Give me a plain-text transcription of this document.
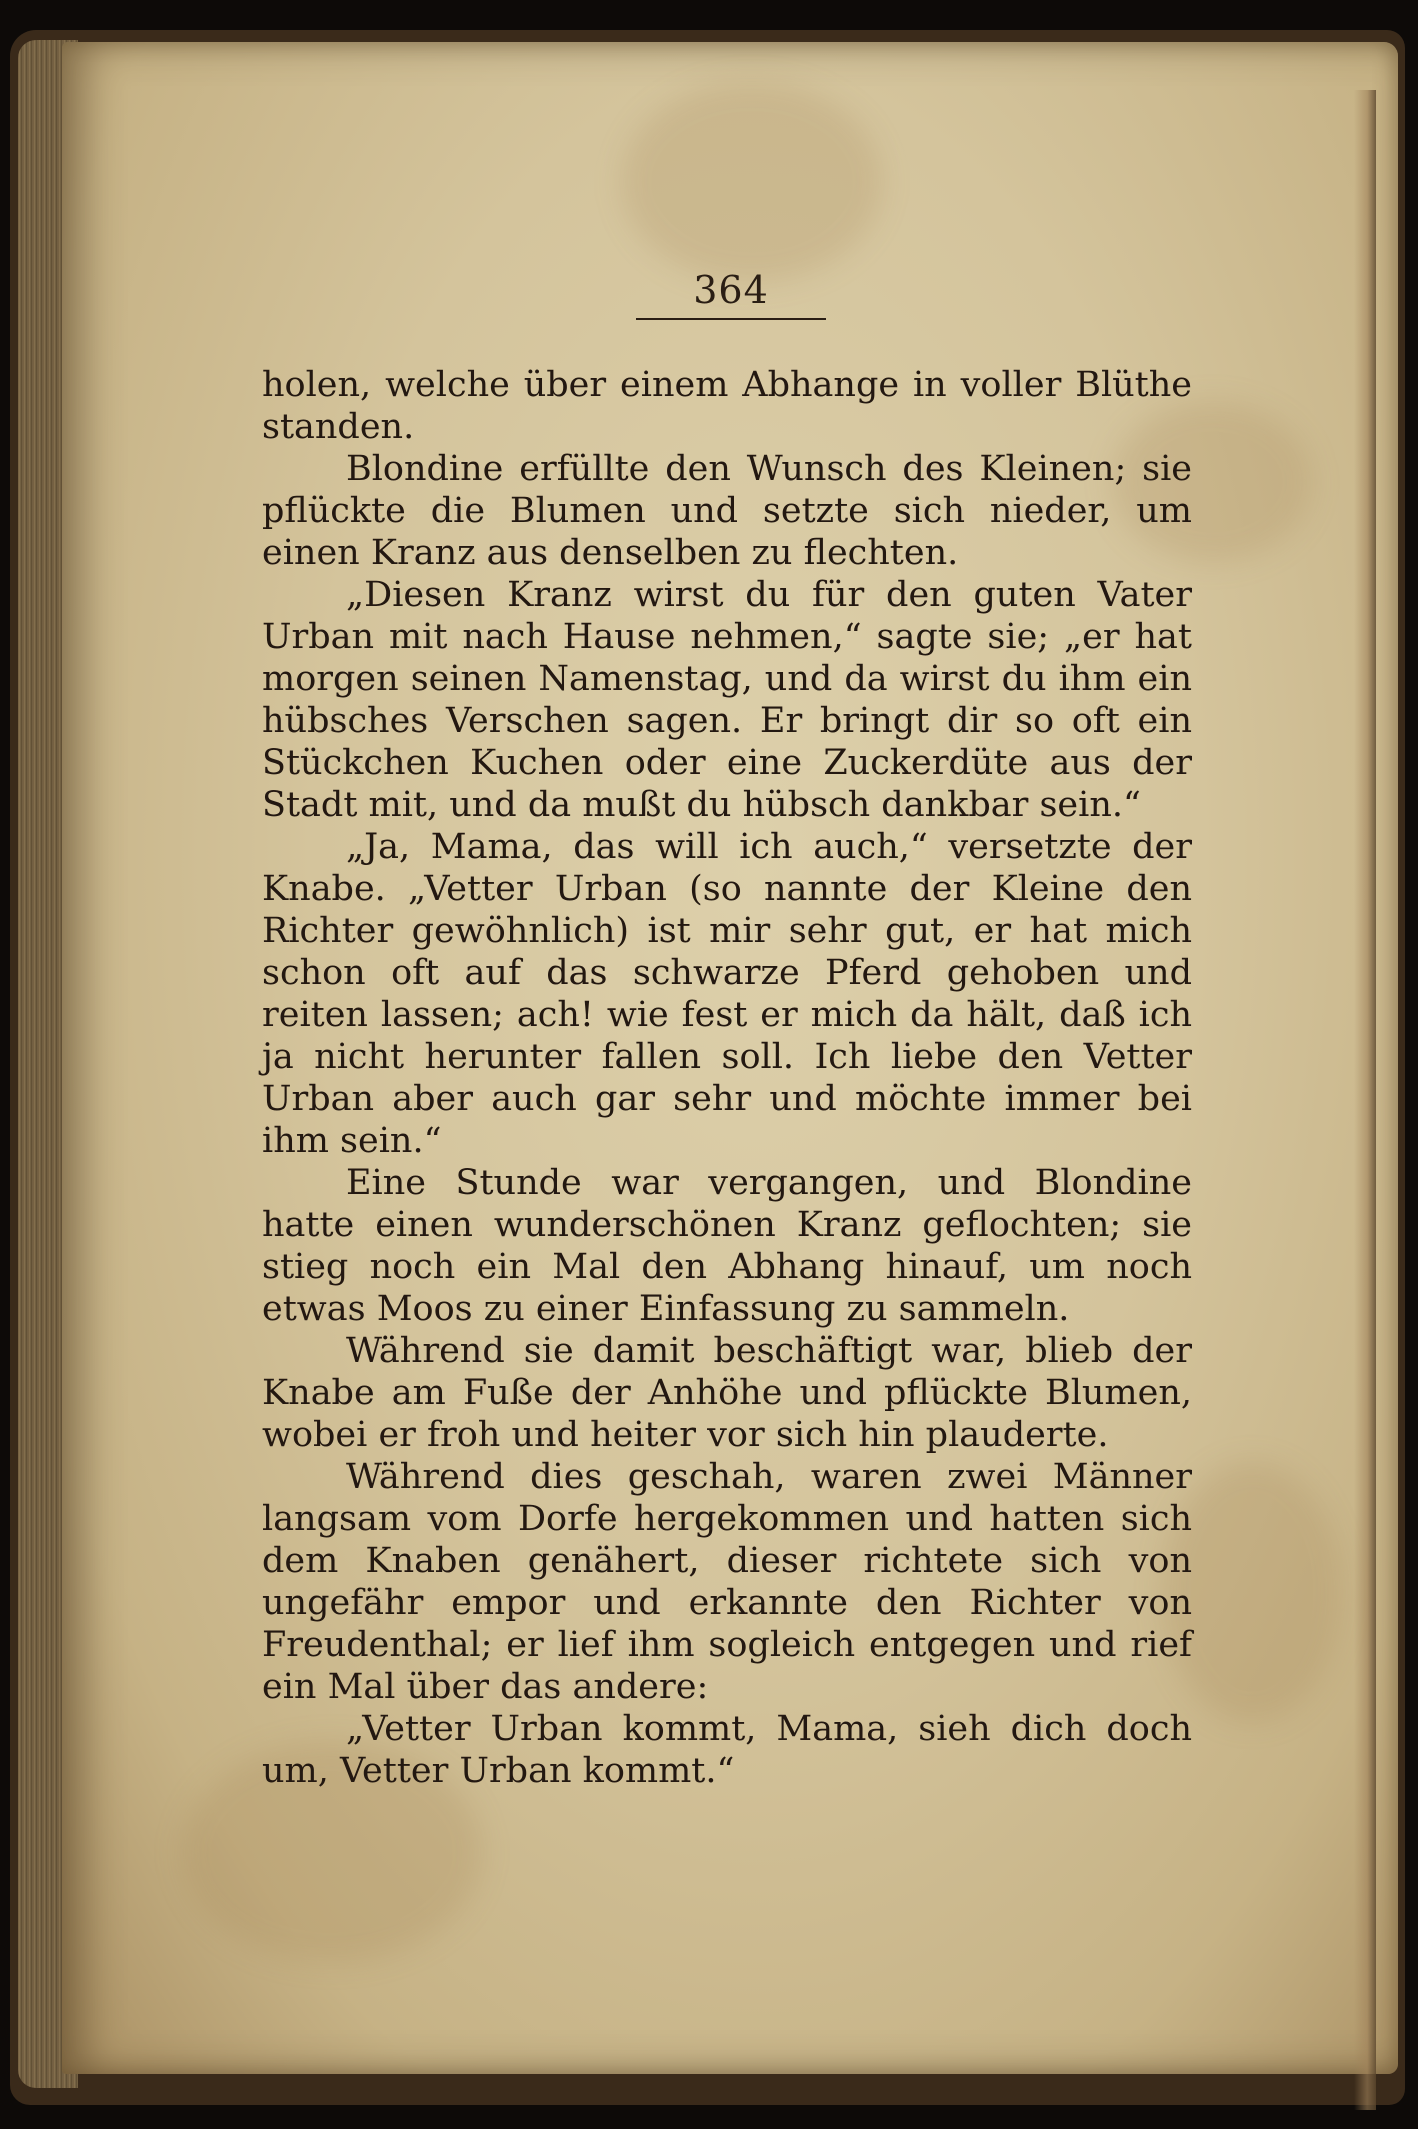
364

holen, welche über einem Abhange in voller Blüthe standen.

Blondine erfüllte den Wunsch des Kleinen; sie pflückte die Blumen und setzte sich nieder, um einen Kranz aus denselben zu flechten.

„Diesen Kranz wirst du für den guten Vater Urban mit nach Hause nehmen,“ sagte sie; „er hat morgen seinen Namenstag, und da wirst du ihm ein hübsches Verschen sagen. Er bringt dir so oft ein Stückchen Kuchen oder eine Zuckerdüte aus der Stadt mit, und da mußt du hübsch dankbar sein.“

„Ja, Mama, das will ich auch,“ versetzte der Knabe. „Vetter Urban (so nannte der Kleine den Richter gewöhnlich) ist mir sehr gut, er hat mich schon oft auf das schwarze Pferd gehoben und reiten lassen; ach! wie fest er mich da hält, daß ich ja nicht herunter fallen soll. Ich liebe den Vetter Urban aber auch gar sehr und möchte immer bei ihm sein.“

Eine Stunde war vergangen, und Blondine hatte einen wunderschönen Kranz geflochten; sie stieg noch ein Mal den Abhang hinauf, um noch etwas Moos zu einer Einfassung zu sammeln.

Während sie damit beschäftigt war, blieb der Knabe am Fuße der Anhöhe und pflückte Blumen, wobei er froh und heiter vor sich hin plauderte.

Während dies geschah, waren zwei Männer langsam vom Dorfe hergekommen und hatten sich dem Knaben genähert, dieser richtete sich von ungefähr empor und erkannte den Richter von Freudenthal; er lief ihm sogleich entgegen und rief ein Mal über das andere:

„Vetter Urban kommt, Mama, sieh dich doch um, Vetter Urban kommt.“
